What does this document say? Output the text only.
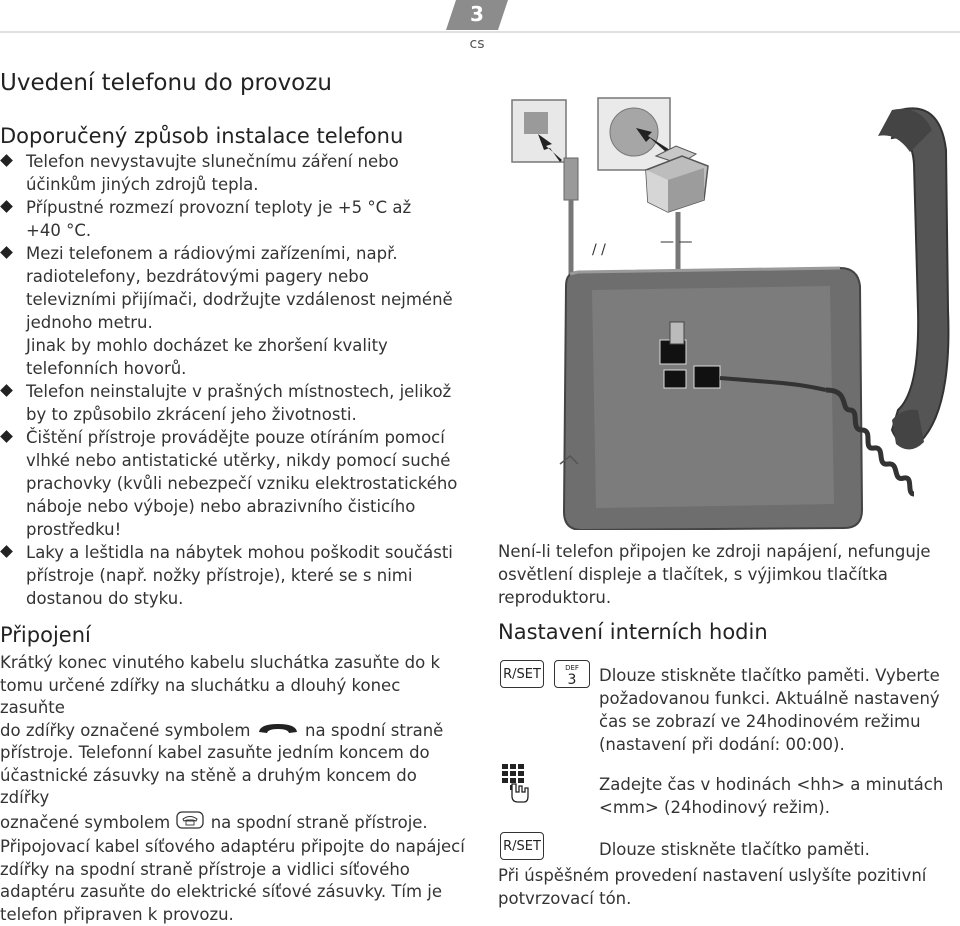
3
cs
Uvedení telefonu do provozu
Doporučený způsob instalace telefonu
Telefon nevystavujte slunečnímu záření nebo
účinkům jiných zdrojů tepla.
Přípustné rozmezí provozní teploty je +5 °C až
+40 °C.
Mezi telefonem a rádiovými zařízeními, např.
radiotelefony, bezdrátovými pagery nebo
televizními přijímači, dodržujte vzdálenost nejméně
jednoho metru.
Jinak by mohlo docházet ke zhoršení kvality
telefonních hovorů.
Telefon neinstalujte v prašných místnostech, jelikož
by to způsobilo zkrácení jeho životnosti.
Čištění přístroje provádějte pouze otíráním pomocí
vlhké nebo antistatické utěrky, nikdy pomocí suché
prachovky (kvůli nebezpečí vzniku elektrostatického
náboje nebo výboje) nebo abrazivního čisticího
prostředku!
Laky a leštidla na nábytek mohou poškodit součásti
přístroje (např. nožky přístroje), které se s nimi
dostanou do styku.
Připojení
Krátký konec vinutého kabelu sluchátka zasuňte do k
tomu určené zdířky na sluchátku a dlouhý konec zasuňte
do zdířky označené symbolem	na spodní straně
přístroje. Telefonní kabel zasuňte jedním koncem do
účastnické zásuvky na stěně a druhým koncem do zdířky
označené symbolem na spodní straně přístroje.
Připojovací kabel síťového adaptéru připojte do napájecí
zdířky na spodní straně přístroje a vidlici síťového
adaptéru zasuňte do elektrické síťové zásuvky. Tím je
telefon připraven k provozu.
/ /	— —
Není-li telefon připojen ke zdroji napájení, nefunguje
osvětlení displeje a tlačítek, s výjimkou tlačítka
reproduktoru.
Nastavení interních hodin
R/SET	DEF
3 Dlouze stiskněte tlačítko paměti. Vyberte
požadovanou funkci. Aktuálně nastavený
čas se zobrazí ve 24hodinovém režimu
(nastavení při dodání: 00:00).
Zadejte čas v hodinách <hh> a minutách
<mm> (24hodinový režim).
R/SET	Dlouze stiskněte tlačítko paměti.
Při úspěšném provedení nastavení uslyšíte pozitivní
potvrzovací tón.
